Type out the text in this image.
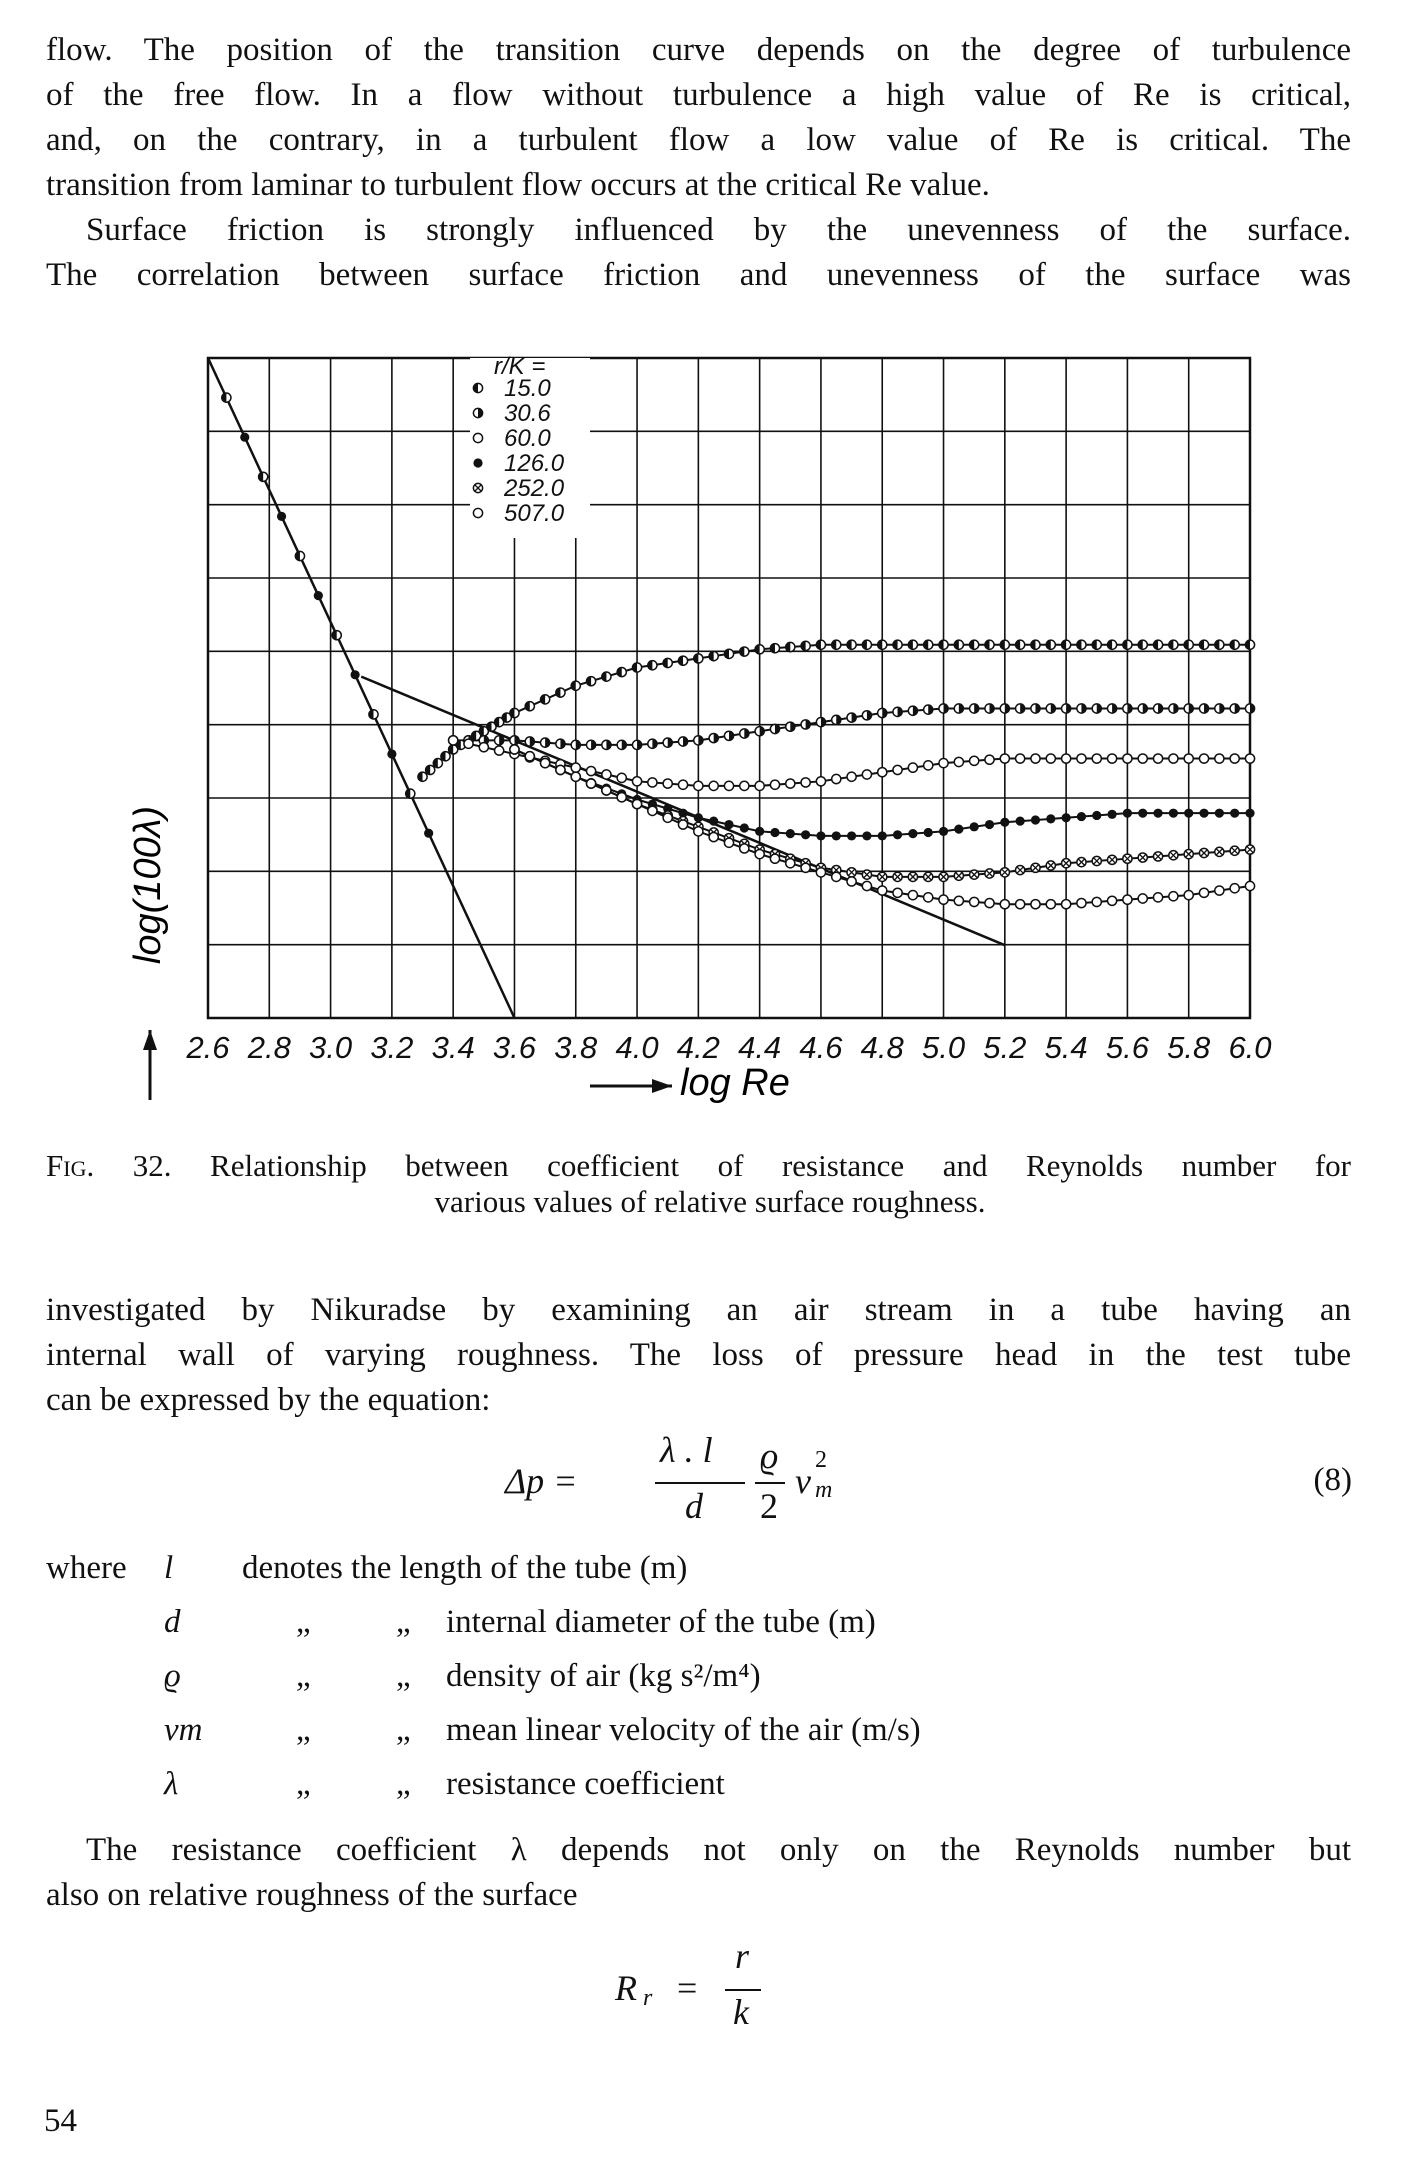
flow. The position of the transition curve depends on the degree of turbulence
of the free flow. In a flow without turbulence a high value of Re is critical,
and, on the contrary, in a turbulent flow a low value of Re is critical. The
transition from laminar to turbulent flow occurs at the critical Re value.
Surface friction is strongly influenced by the unevenness of the surface.
The correlation between surface friction and unevenness of the surface was
r/K =
15.0
30.6
60.0
126.0
252.0
507.0
2.6 2.8 3.0 3.2 3.4 3.6 3.8 4.0 4.2 4.4 4.6 4.8 5.0 5.2 5.4 5.6 5.8 6.0
log Re
log(100λ)
Fig. 32. Relationship between coefficient of resistance and Reynolds number for
various values of relative surface roughness.
investigated by Nikuradse by examining an air stream in a tube having an
internal wall of varying roughness. The loss of pressure head in the test tube
can be expressed by the equation:
Δp =
λ . l
d
ϱ
2
v m
2
(8)
where l denotes the length of the tube (m)
d	„	„ internal diameter of the tube (m)
ϱ	„	„ density of air (kg s²/m⁴)
vm	„	„ mean linear velocity of the air (m/s)
λ	„	„ resistance coefficient
The resistance coefficient λ depends not only on the Reynolds number but
also on relative roughness of the surface
R r =
r
k
54
